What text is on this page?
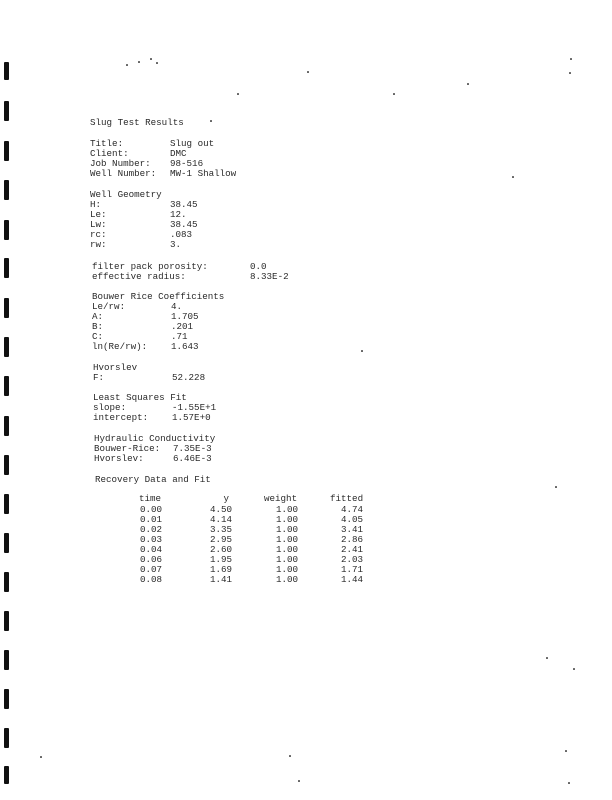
Slug Test Results
Title:	Slug out
Client:	DMC
Job Number: 98-516
Well Number: MW-1 Shallow
Well Geometry
H:	38.45
Le:	12.
Lw:	38.45
rc:	.083
rw:	3.
filter pack porosity:	0.0
effective radius:	8.33E-2
Bouwer Rice Coefficients
Le/rw:	4.
A:	1.705
B:	.201
C:	.71
ln(Re/rw):	1.643
Hvorslev
F:	52.228
Least Squares Fit
slope:	-1.55E+1
intercept:	1.57E+0
Hydraulic Conductivity
Bouwer-Rice: 7.35E-3
Hvorslev:	6.46E-3
Recovery Data and Fit
time	y	weight	fitted
0.00	4.50	1.00	4.74
0.01	4.14	1.00	4.05
0.02	3.35	1.00	3.41
0.03	2.95	1.00	2.86
0.04	2.60	1.00	2.41
0.06	1.95	1.00	2.03
0.07	1.69	1.00	1.71
0.08	1.41	1.00	1.44
